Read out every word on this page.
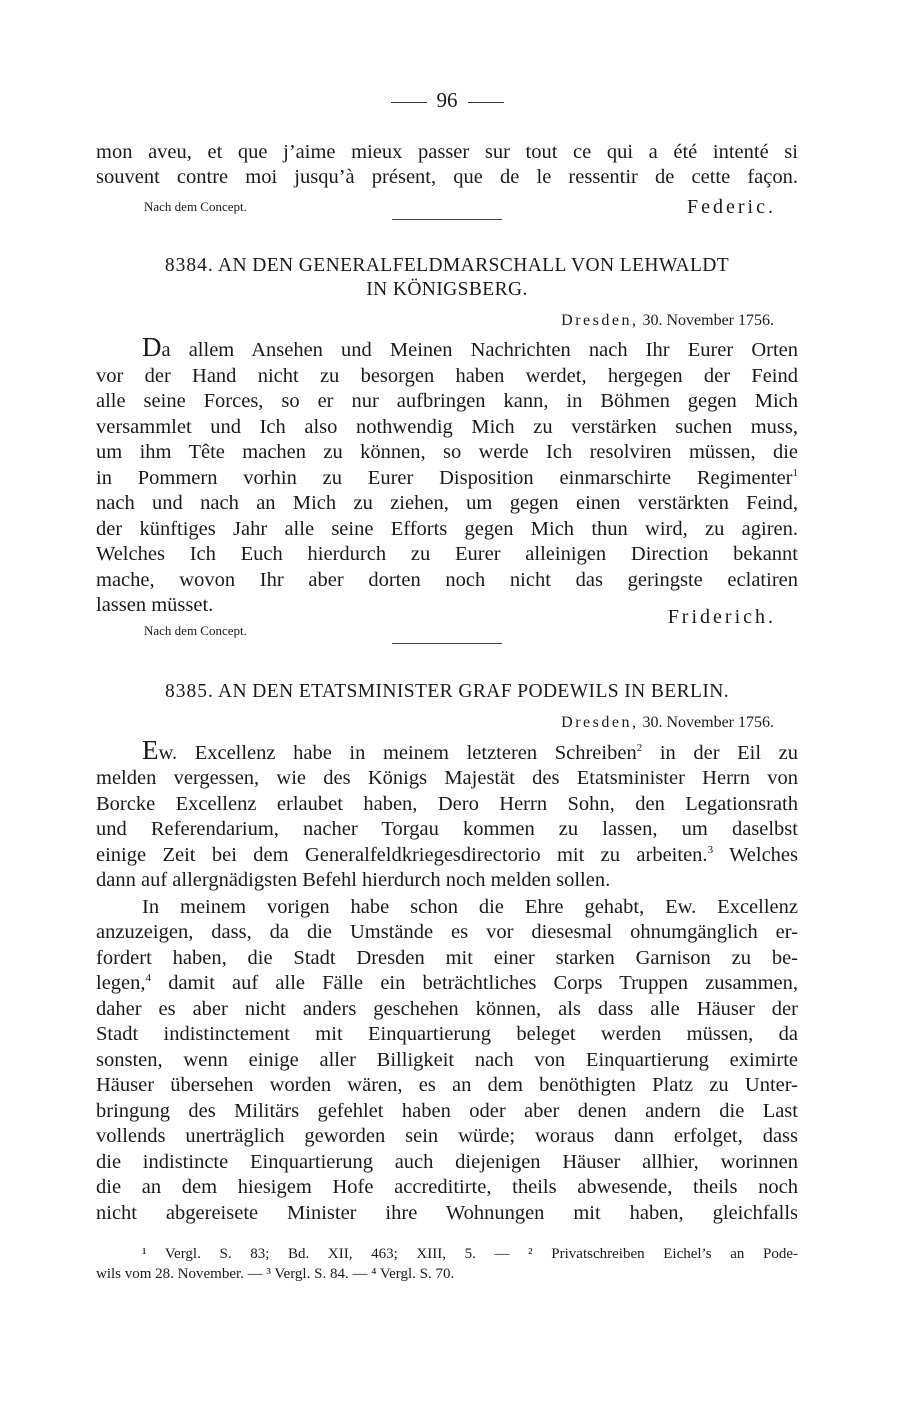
96

mon aveu, et que j’aime mieux passer sur tout ce qui a été intenté si

souvent contre moi jusqu’à présent, que de le ressentir de cette façon.

Nach dem Concept.	Federic.
8384. AN DEN GENERALFELDMARSCHALL VON LEHWALDT
IN KÖNIGSBERG.
Dresden, 30. November 1756.

Da allem Ansehen und Meinen Nachrichten nach Ihr Eurer Orten

vor der Hand nicht zu besorgen haben werdet, hergegen der Feind

alle seine Forces, so er nur aufbringen kann, in Böhmen gegen Mich

versammlet und Ich also nothwendig Mich zu verstärken suchen muss,

um ihm Tête machen zu können, so werde Ich resolviren müssen, die

in Pommern vorhin zu Eurer Disposition einmarschirte Regimenter$^1$

nach und nach an Mich zu ziehen, um gegen einen verstärkten Feind,

der künftiges Jahr alle seine Efforts gegen Mich thun wird, zu agiren.

Welches Ich Euch hierdurch zu Eurer alleinigen Direction bekannt

mache, wovon Ihr aber dorten noch nicht das geringste eclatiren

lassen müsset.

Nach dem Concept.
Friderich.
8385. AN DEN ETATSMINISTER GRAF PODEWILS IN BERLIN.
Dresden, 30. November 1756.

Ew. Excellenz habe in meinem letzteren Schreiben$^2$ in der Eil zu

melden vergessen, wie des Königs Majestät des Etatsminister Herrn von

Borcke Excellenz erlaubet haben, Dero Herrn Sohn, den Legationsrath

und Referendarium, nacher Torgau kommen zu lassen, um daselbst

einige Zeit bei dem Generalfeldkriegesdirectorio mit zu arbeiten.$^3$ Welches

dann auf allergnädigsten Befehl hierdurch noch melden sollen.

In meinem vorigen habe schon die Ehre gehabt, Ew. Excellenz

anzuzeigen, dass, da die Umstände es vor diesesmal ohnumgänglich er-

fordert haben, die Stadt Dresden mit einer starken Garnison zu be-

legen,$^4$ damit auf alle Fälle ein beträchtliches Corps Truppen zusammen,

daher es aber nicht anders geschehen können, als dass alle Häuser der

Stadt indistinctement mit Einquartierung beleget werden müssen, da

sonsten, wenn einige aller Billigkeit nach von Einquartierung eximirte

Häuser übersehen worden wären, es an dem benöthigten Platz zu Unter-

bringung des Militärs gefehlet haben oder aber denen andern die Last

vollends unerträglich geworden sein würde; woraus dann erfolget, dass

die indistincte Einquartierung auch diejenigen Häuser allhier, worinnen

die an dem hiesigem Hofe accreditirte, theils abwesende, theils noch

nicht abgereisete Minister ihre Wohnungen mit haben, gleichfalls

¹ Vergl. S. 83; Bd. XII, 463; XIII, 5. — ² Privatschreiben Eichel’s an Pode-

wils vom 28. November. — ³ Vergl. S. 84. — ⁴ Vergl. S. 70.
